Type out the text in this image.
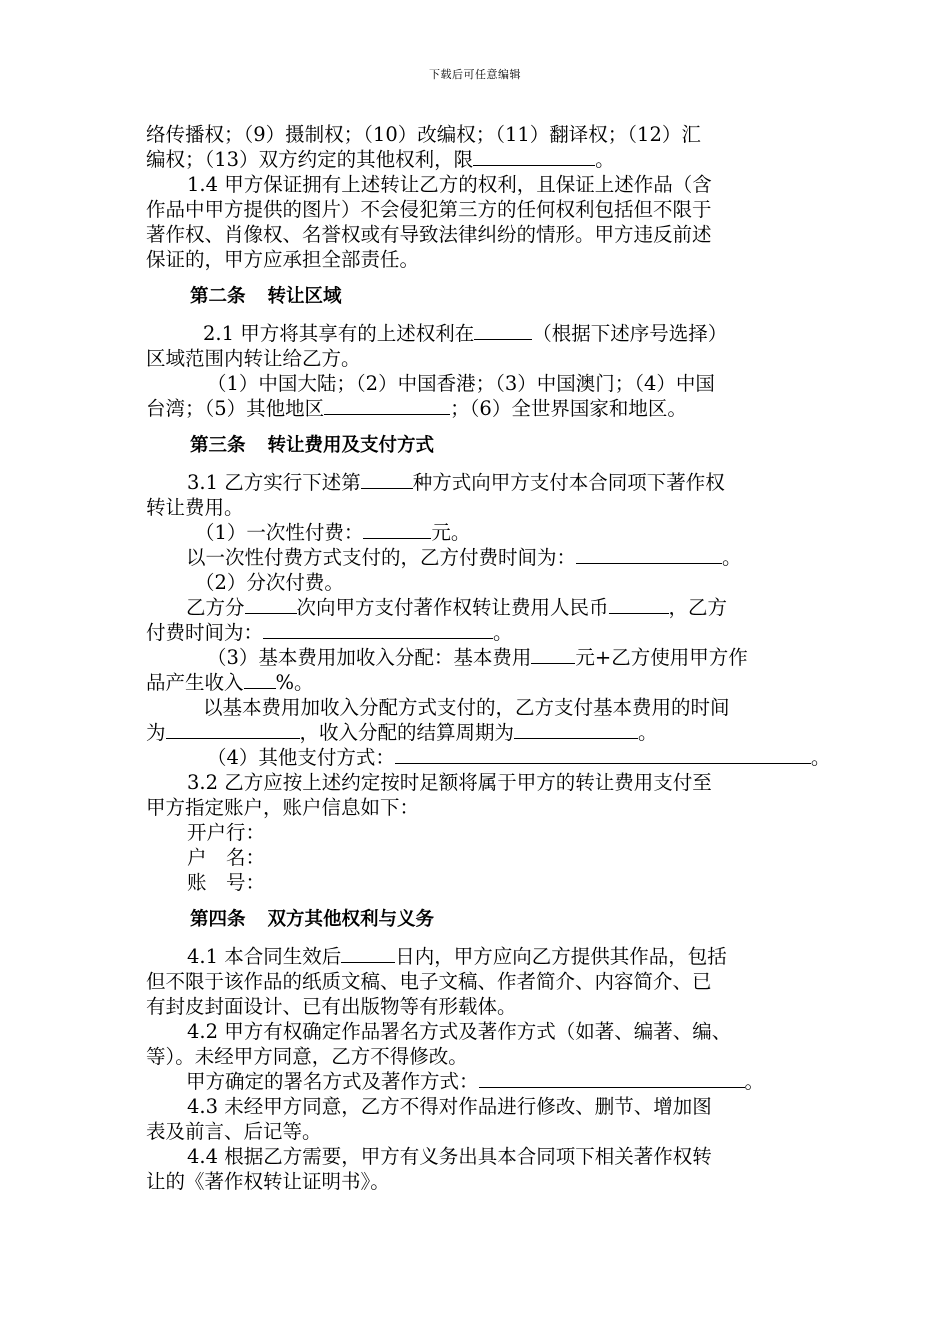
下载后可任意编辑
络传播权；（9）摄制权；（10）改编权；（11）翻译权；（12）汇
编权；（13）双方约定的其他权利，限	。
1.4 甲方保证拥有上述转让乙方的权利，且保证上述作品（含
作品中甲方提供的图片）不会侵犯第三方的任何权利包括但不限于
著作权、肖像权、名誉权或有导致法律纠纷的情形。甲方违反前述
保证的，甲方应承担全部责任。
第二条 转让区域
2.1 甲方将其享有的上述权利在	（根据下述序号选择）
区域范围内转让给乙方。
（1）中国大陆；（2）中国香港；（3）中国澳门；（4）中国
台湾；（5）其他地区	；（6）全世界国家和地区。
第三条 转让费用及支付方式
3.1 乙方实行下述第	种方式向甲方支付本合同项下著作权
转让费用。
（1）一次性付费：	元。
以一次性付费方式支付的，乙方付费时间为：	。
（2）分次付费。
乙方分	次向甲方支付著作权转让费用人民币	，乙方
付费时间为：	。
（3）基本费用加收入分配：基本费用 元+乙方使用甲方作
品产生收入 %。
以基本费用加收入分配方式支付的，乙方支付基本费用的时间
为	，收入分配的结算周期为	。
（4）其他支付方式：	。
3.2 乙方应按上述约定按时足额将属于甲方的转让费用支付至
甲方指定账户，账户信息如下：
开户行：
户　名：
账　号：
第四条 双方其他权利与义务
4.1 本合同生效后	日内，甲方应向乙方提供其作品，包括
但不限于该作品的纸质文稿、电子文稿、作者简介、内容简介、已
有封皮封面设计、已有出版物等有形载体。
4.2 甲方有权确定作品署名方式及著作方式（如著、编著、编、
等）。未经甲方同意，乙方不得修改。
甲方确定的署名方式及著作方式：	。
4.3 未经甲方同意，乙方不得对作品进行修改、删节、增加图
表及前言、后记等。
4.4 根据乙方需要，甲方有义务出具本合同项下相关著作权转
让的《著作权转让证明书》。
